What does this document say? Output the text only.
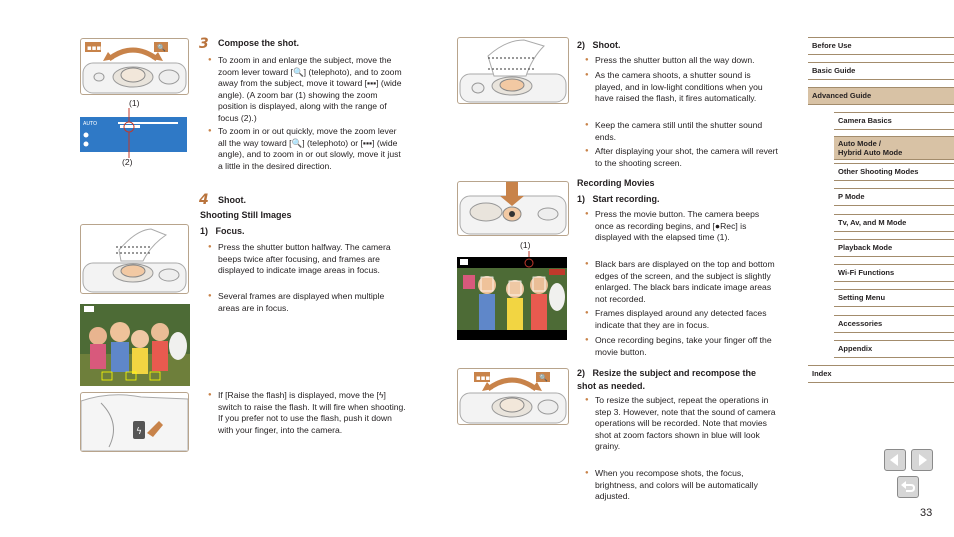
▪▪▪	🔍
(1)
AUTO
(2)
ϟ
3 Compose the shot.
● To zoom in and enlarge the subject, move the zoom lever toward [🔍] (telephoto), and to zoom away from the subject, move it toward [▪▪▪] (wide angle). (A zoom bar (1) showing the zoom position is displayed, along with the range of focus (2).)
● To zoom in or out quickly, move the zoom lever all the way toward [🔍] (telephoto) or [▪▪▪] (wide angle), and to zoom in or out slowly, move it just a little in the desired direction.
4 Shoot.
Shooting Still Images
1)   Focus.
● Press the shutter button halfway. The camera beeps twice after focusing, and frames are displayed to indicate image areas in focus.
● Several frames are displayed when multiple areas are in focus.
● If [Raise the flash] is displayed, move the [ϟ] switch to raise the flash. It will fire when shooting. If you prefer not to use the flash, push it down with your finger, into the camera.
(1)
▪▪▪	🔍
2)   Shoot.
● Press the shutter button all the way down.
● As the camera shoots, a shutter sound is played, and in low-light conditions when you have raised the flash, it fires automatically.
● Keep the camera still until the shutter sound ends.
● After displaying your shot, the camera will revert to the shooting screen.
Recording Movies
1)   Start recording.
● Press the movie button. The camera beeps once as recording begins, and [●Rec] is displayed with the elapsed time (1).
● Black bars are displayed on the top and bottom edges of the screen, and the subject is slightly enlarged. The black bars indicate image areas not recorded.
● Frames displayed around any detected faces indicate that they are in focus.
● Once recording begins, take your finger off the movie button.
2)   Resize the subject and recompose the shot as needed.
● To resize the subject, repeat the operations in step 3. However, note that the sound of camera operations will be recorded. Note that movies shot at zoom factors shown in blue will look grainy.
● When you recompose shots, the focus, brightness, and colors will be automatically adjusted.
Before Use
Basic Guide
Advanced Guide
Camera Basics
Auto Mode /
Hybrid Auto Mode
Other Shooting Modes
P Mode
Tv, Av, and M Mode
Playback Mode
Wi-Fi Functions
Setting Menu
Accessories
Appendix
Index
33
